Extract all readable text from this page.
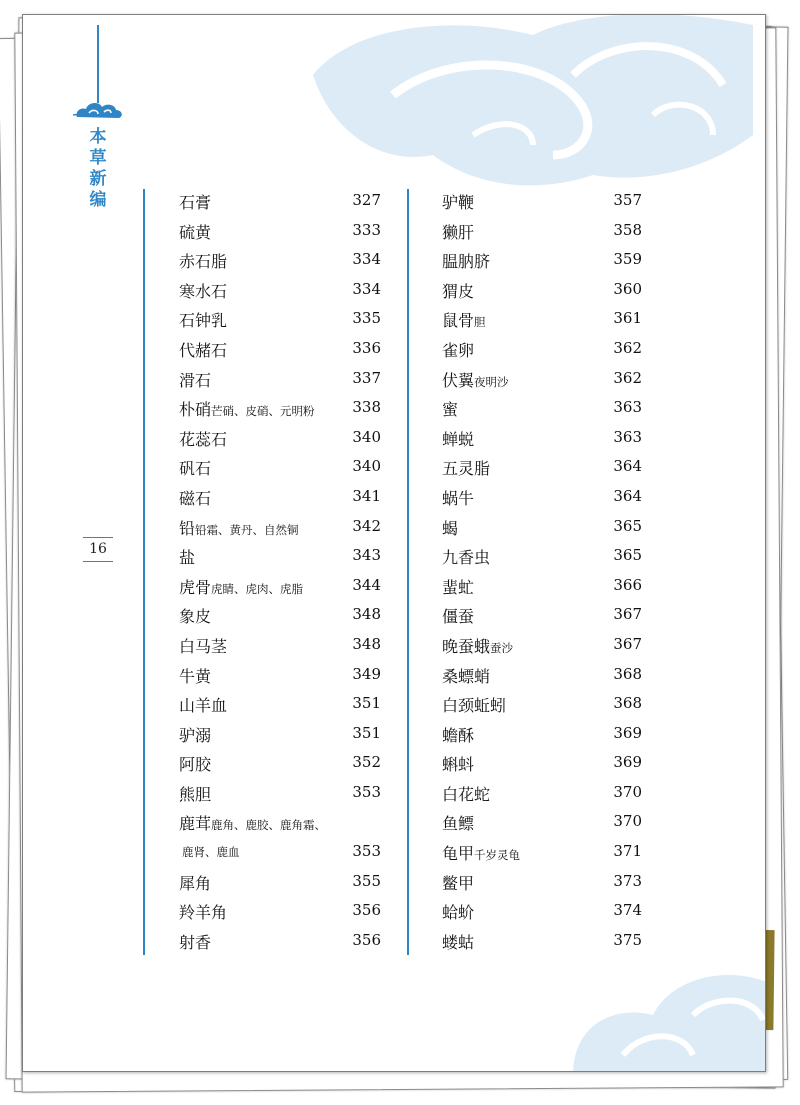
本
草
新
编
16
石膏	327
硫黄	333
赤石脂	334
寒水石	334
石钟乳	335
代赭石	336
滑石	337
朴硝芒硝、皮硝、元明粉	338
花蕊石	340
矾石	340
磁石	341
铅铅霜、黄丹、自然铜	342
盐	343
虎骨虎睛、虎肉、虎脂	344
象皮	348
白马茎	348
牛黄	349
山羊血	351
驴溺	351
阿胶	352
熊胆	353
鹿茸鹿角、鹿胶、鹿角霜、
鹿肾、鹿血	353
犀角	355
羚羊角	356
射香	356
驴鞭	357
獭肝	358
腽肭脐	359
猬皮	360
鼠骨胆	361
雀卵	362
伏翼夜明沙	362
蜜	363
蝉蜕	363
五灵脂	364
蜗牛	364
蝎	365
九香虫	365
蜚虻	366
僵蚕	367
晚蚕蛾蚕沙	367
桑螵蛸	368
白颈蚯蚓	368
蟾酥	369
蝌蚪	369
白花蛇	370
鱼鳔	370
龟甲千岁灵龟	371
鳖甲	373
蛤蚧	374
蝼蛄	375
